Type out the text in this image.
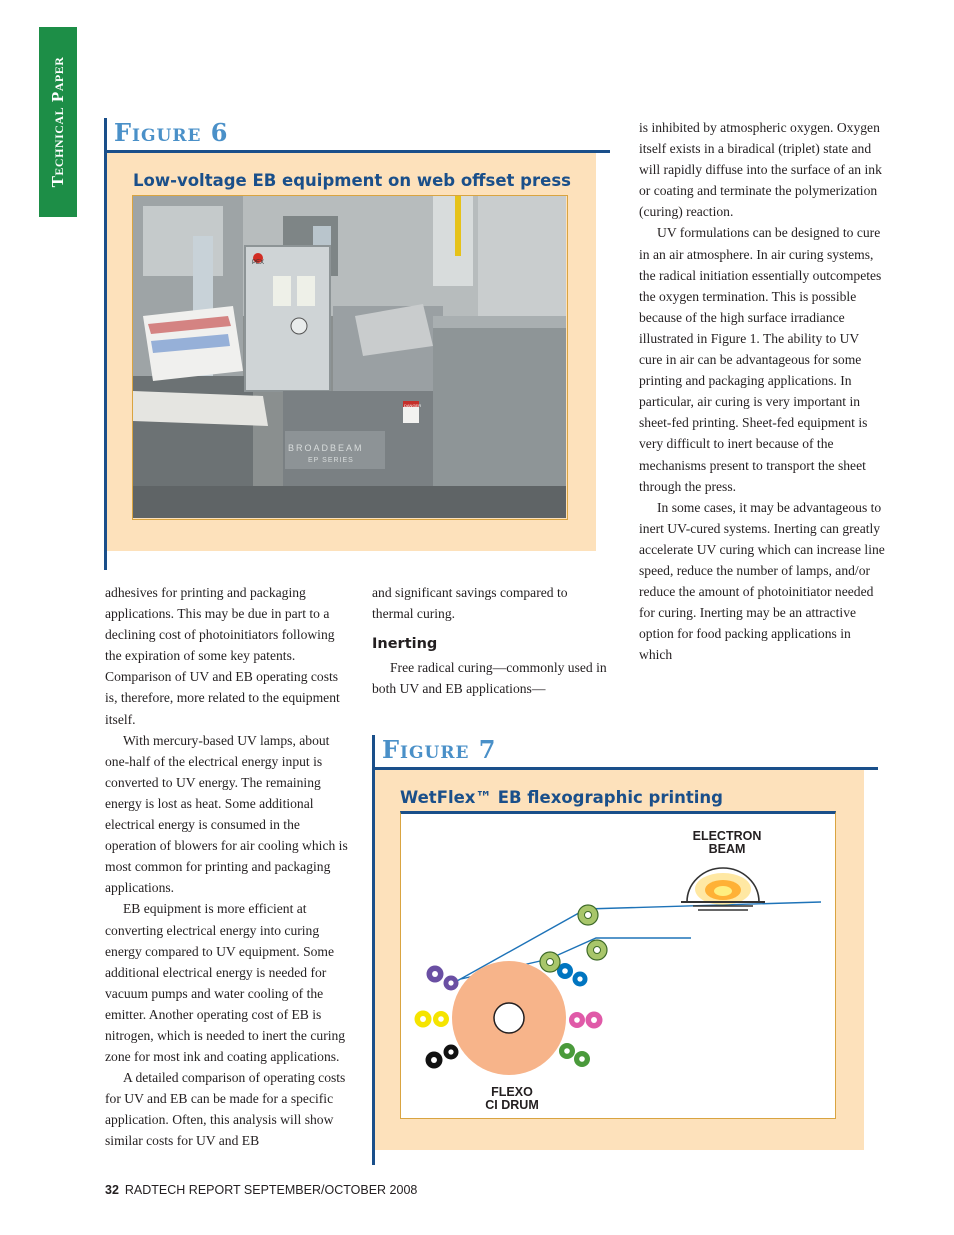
Technical Paper Figure 6
Low-voltage EB equipment on web offset press
BROADBEAM
EP SERIES
DANGER
PEX

adhesives for printing and packaging applications. This may be due in part to a declining cost of photoinitiators following the expiration of some key patents. Comparison of UV and EB operating costs is, therefore, more related to the equipment itself.

With mercury-based UV lamps, about one-half of the electrical energy input is converted to UV energy. The remaining energy is lost as heat. Some additional electrical energy is consumed in the operation of blowers for air cooling which is most common for printing and packaging applications.

EB equipment is more efficient at converting electrical energy into curing energy compared to UV equipment. Some additional electrical energy is needed for vacuum pumps and water cooling of the emitter. Another operating cost of EB is nitrogen, which is needed to inert the curing zone for most ink and coating applications.

A detailed comparison of operating costs for UV and EB can be made for a specific application. Often, this analysis will show similar costs for UV and EB

and significant savings compared to thermal curing.

Inerting

Free radical curing—commonly used in both UV and EB applications—

is inhibited by atmospheric oxygen. Oxygen itself exists in a biradical (triplet) state and will rapidly diffuse into the surface of an ink or coating and terminate the polymerization (curing) reaction.

UV formulations can be designed to cure in an air atmosphere. In air curing systems, the radical initiation essentially outcompetes the oxygen termination. This is possible because of the high surface irradiance illustrated in Figure 1. The ability to UV cure in air can be advantageous for some printing and packaging applications. In particular, air curing is very important in sheet-fed printing. Sheet-fed equipment is very difficult to inert because of the mechanisms present to transport the sheet through the press.

In some cases, it may be advantageous to inert UV-cured systems. Inerting can greatly accelerate UV curing which can increase line speed, reduce the number of lamps, and/or reduce the amount of photoinitiator needed for curing. Inerting may be an attractive option for food packing applications in which

Figure 7
WetFlex™ EB flexographic printing
ELECTRON
BEAM
FLEXO
CI DRUM
32 RADTECH REPORT SEPTEMBER/OCTOBER 2008
